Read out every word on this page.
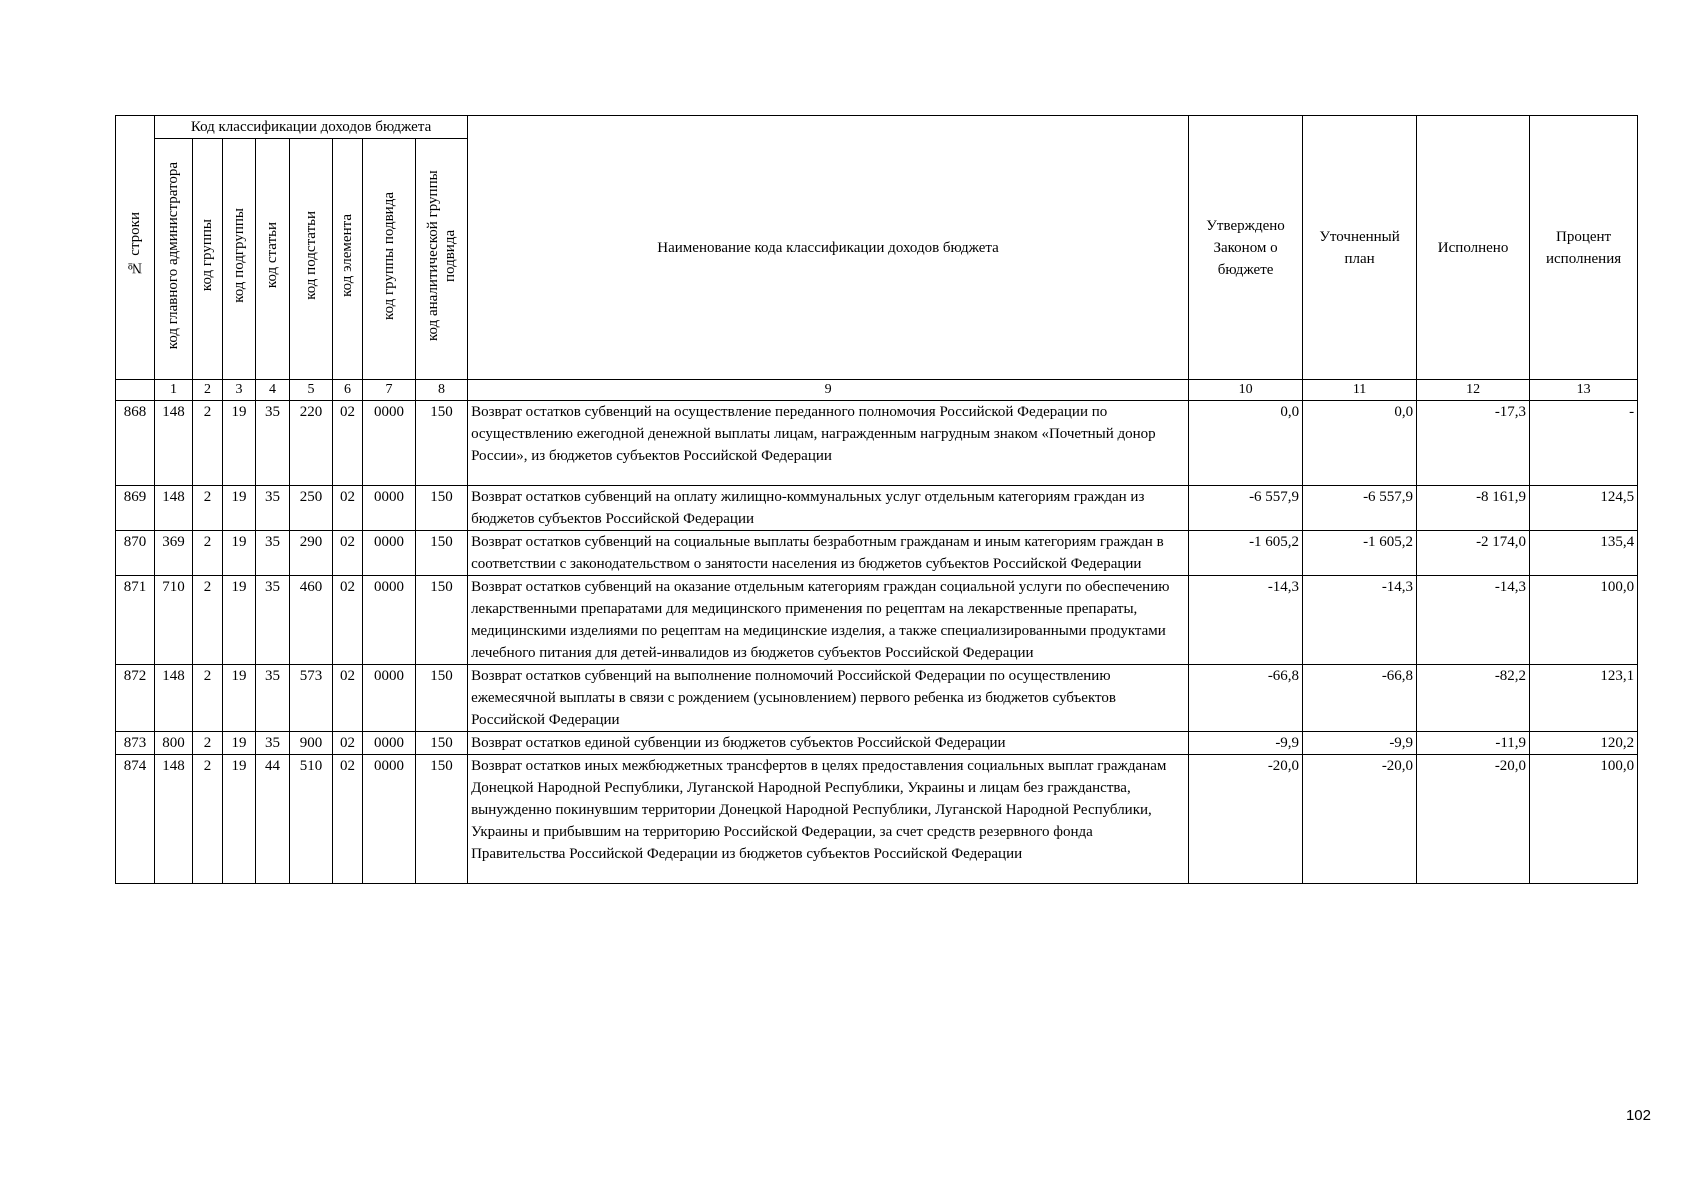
№ строки	Код классификации доходов бюджета								Наименование кода классификации доходов бюджета	Утверждено Законом о бюджете	Уточненный план	Исполнено	Процент исполнения
	код главного администратора	код группы	код подгруппы	код статьи	код подстатьи	код элемента	код группы подвида	код аналитической группы подвида					
	1	2	3	4	5	6	7	8	9	10	11	12	13
868	148	2	19	35	220	02	0000	150	Возврат остатков субвенций на осуществление переданного полномочия Российской Федерации по осуществлению ежегодной денежной выплаты лицам, награжденным нагрудным знаком «Почетный донор России», из бюджетов субъектов Российской Федерации	0,0	0,0	-17,3	-
869	148	2	19	35	250	02	0000	150	Возврат остатков субвенций на оплату жилищно-коммунальных услуг отдельным категориям граждан из бюджетов субъектов Российской Федерации	-6 557,9	-6 557,9	-8 161,9	124,5
870	369	2	19	35	290	02	0000	150	Возврат остатков субвенций на социальные выплаты безработным гражданам и иным категориям граждан в соответствии с законодательством о занятости населения из бюджетов субъектов Российской Федерации	-1 605,2	-1 605,2	-2 174,0	135,4
871	710	2	19	35	460	02	0000	150	Возврат остатков субвенций на оказание отдельным категориям граждан социальной услуги по обеспечению лекарственными препаратами для медицинского применения по рецептам на лекарственные препараты, медицинскими изделиями по рецептам на медицинские изделия, а также специализированными продуктами лечебного питания для детей-инвалидов из бюджетов субъектов Российской Федерации	-14,3	-14,3	-14,3	100,0
872	148	2	19	35	573	02	0000	150	Возврат остатков субвенций на выполнение полномочий Российской Федерации по осуществлению ежемесячной выплаты в связи с рождением (усыновлением) первого ребенка из бюджетов субъектов Российской Федерации	-66,8	-66,8	-82,2	123,1
873	800	2	19	35	900	02	0000	150	Возврат остатков единой субвенции из бюджетов субъектов Российской Федерации	-9,9	-9,9	-11,9	120,2
874	148	2	19	44	510	02	0000	150	Возврат остатков иных межбюджетных трансфертов в целях предоставления социальных выплат гражданам Донецкой Народной Республики, Луганской Народной Республики, Украины и лицам без гражданства, вынужденно покинувшим территории Донецкой Народной Республики, Луганской Народной Республики, Украины и прибывшим на территорию Российской Федерации, за счет средств резервного фонда Правительства Российской Федерации из бюджетов субъектов Российской Федерации	-20,0	-20,0	-20,0	100,0
102
